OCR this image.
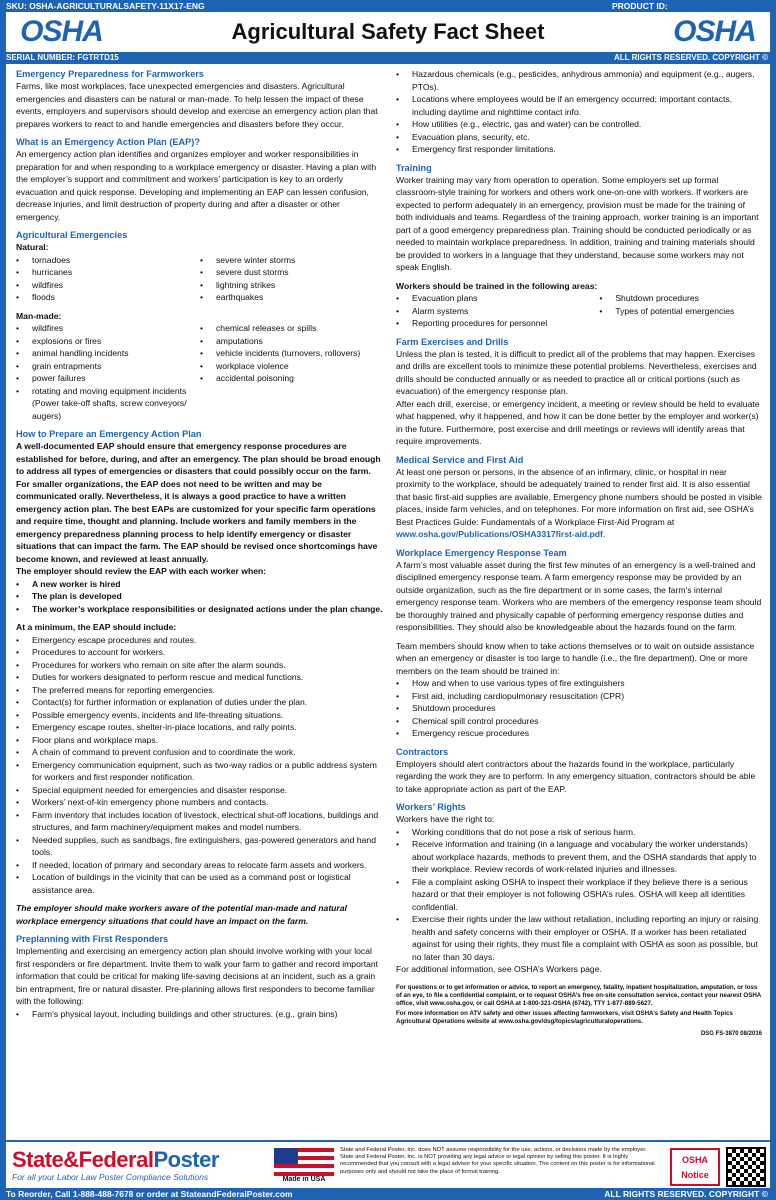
SKU: OSHA-AGRICULTURALSAFETY-11X17-ENG	PRODUCT ID:
OSHA	Agricultural Safety Fact Sheet	OSHA
SERIAL NUMBER: FGTRTD15	ALL RIGHTS RESERVED. COPYRIGHT ©
Emergency Preparedness for Farmworkers

Farms, like most workplaces, face unexpected emergencies and disasters. Agricultural emergencies and disasters can be natural or man-made. To help lessen the impact of these events, employers and supervisors should develop and exercise an emergency action plan that prepares workers to react to and handle emergencies and disasters before they occur.

What is an Emergency Action Plan (EAP)?

An emergency action plan identifies and organizes employer and worker responsibilities in preparation for and when responding to a workplace emergency or disaster. Having a plan with the employer’s support and commitment and workers’ participation is key to an orderly evacuation and quick response. Developing and implementing an EAP can lessen confusion, decrease injuries, and limit destruction of property during and after a disaster or other emergency.

Agricultural Emergencies

Natural:

• tornadoes
• hurricanes
• wildfires
• floods
• severe winter storms
• severe dust storms
• lightning strikes
• earthquakes

Man-made:

• wildfires
• explosions or fires
• animal handling incidents
• grain entrapments
• power failures
• rotating and moving equipment incidents (Power take-off shafts, screw conveyors/ augers)
• chemical releases or spills
• amputations
• vehicle incidents (turnovers, rollovers)
• workplace violence
• accidental poisoning
How to Prepare an Emergency Action Plan

A well-documented EAP should ensure that emergency response procedures are established for before, during, and after an emergency. The plan should be broad enough to address all types of emergencies or disasters that could possibly occur on the farm. For smaller organizations, the EAP does not need to be written and may be communicated orally. Nevertheless, it is always a good practice to have a written emergency action plan. The best EAPs are customized for your specific farm operations and require time, thought and planning. Include workers and family members in the emergency preparedness planning process to help identify emergency or disaster situations that can impact the farm. The EAP should be revised once shortcomings have become known, and reviewed at least annually.

The employer should review the EAP with each worker when:

• A new worker is hired
• The plan is developed
• The worker’s workplace responsibilities or designated actions under the plan change.

At a minimum, the EAP should include:

• Emergency escape procedures and routes.
• Procedures to account for workers.
• Procedures for workers who remain on site after the alarm sounds.
• Duties for workers designated to perform rescue and medical functions.
• The preferred means for reporting emergencies.
• Contact(s) for further information or explanation of duties under the plan.
• Possible emergency events, incidents and life-threating situations.
• Emergency escape routes, shelter-in-place locations, and rally points.
• Floor plans and workplace maps.
• A chain of command to prevent confusion and to coordinate the work.
• Emergency communication equipment, such as two-way radios or a public address system for workers and first responder notification.
• Special equipment needed for emergencies and disaster response.
• Workers’ next-of-kin emergency phone numbers and contacts.
• Farm inventory that includes location of livestock, electrical shut-off locations, buildings and structures, and farm machinery/equipment makes and model numbers.
• Needed supplies, such as sandbags, fire extinguishers, gas-powered generators and hand tools.
• If needed, location of primary and secondary areas to relocate farm assets and workers.
• Location of buildings in the vicinity that can be used as a command post or logistical assistance area.

The employer should make workers aware of the potential man-made and natural workplace emergency situations that could have an impact on the farm.

Preplanning with First Responders

Implementing and exercising an emergency action plan should involve working with your local first responders or fire department. Invite them to walk your farm to gather and record important information that could be critical for making life-saving decisions at an incident, such as a grain bin entrapment, fire or natural disaster. Pre-planning allows first responders to become familiar with the following:

• Farm’s physical layout, including buildings and other structures. (e.g., grain bins)
• Hazardous chemicals (e.g., pesticides, anhydrous ammonia) and equipment (e.g., augers, PTOs).
• Locations where employees would be if an emergency occurred; important contacts, including daytime and nighttime contact info.
• How utilities (e.g., electric, gas and water) can be controlled.
• Evacuation plans, security, etc.
• Emergency first responder limitations.
Training

Worker training may vary from operation to operation. Some employers set up formal classroom-style training for workers and others work one-on-one with workers. If workers are expected to perform adequately in an emergency, provision must be made for the training of both individuals and teams. Regardless of the training approach, worker training is an important part of a good emergency preparedness plan. Training should be conducted periodically or as needed to maintain workplace preparedness. In addition, training and training materials should be provided to workers in a language that they understand, because some workers may not speak English.

Workers should be trained in the following areas:

• Evacuation plans
• Alarm systems
• Reporting procedures for personnel
• Shutdown procedures
• Types of potential emergencies
Farm Exercises and Drills

Unless the plan is tested, it is difficult to predict all of the problems that may happen. Exercises and drills are excellent tools to minimize these potential problems. Nevertheless, exercises and drills should be conducted annually or as needed to practice all or critical portions (such as evacuation) of the emergency response plan.

After each drill, exercise, or emergency incident, a meeting or review should be held to evaluate what happened, why it happened, and how it can be done better by the employer and worker(s) in the future. Furthermore, post exercise and drill meetings or reviews will identify areas that require improvements.

Medical Service and First Aid

At least one person or persons, in the absence of an infirmary, clinic, or hospital in near proximity to the workplace, should be adequately trained to render first aid. It is also essential that basic first-aid supplies are available. Emergency phone numbers should be posted in visible places, inside farm vehicles, and on telephones. For more information on first aid, see OSHA’s Best Practices Guide: Fundamentals of a Workplace First-Aid Program at www.osha.gov/Publications/OSHA3317first-aid.pdf.

Workplace Emergency Response Team

A farm’s most valuable asset during the first few minutes of an emergency is a well-trained and disciplined emergency response team. A farm emergency response may be provided by an outside organization, such as the fire department or in some cases, the farm’s internal emergency response team. Workers who are members of the emergency response team should be thoroughly trained and physically capable of performing emergency response duties and responsibilities. They should also be knowledgeable about the hazards found on the farm.

Team members should know when to take actions themselves or to wait on outside assistance when an emergency or disaster is too large to handle (i.e., the fire department). One or more members on the team should be trained in:

• How and when to use various types of fire extinguishers
• First aid, including cardiopulmonary resuscitation (CPR)
• Shutdown procedures
• Chemical spill control procedures
• Emergency rescue procedures
Contractors

Employers should alert contractors about the hazards found in the workplace, particularly regarding the work they are to perform. In any emergency situation, contractors should be able to take appropriate action as part of the EAP.

Workers’ Rights

Workers have the right to:

• Working conditions that do not pose a risk of serious harm.
• Receive information and training (in a language and vocabulary the worker understands) about workplace hazards, methods to prevent them, and the OSHA standards that apply to their workplace. Review records of work-related injuries and illnesses.
• File a complaint asking OSHA to inspect their workplace if they believe there is a serious hazard or that their employer is not following OSHA’s rules. OSHA will keep all identities confidential.
• Exercise their rights under the law without retaliation, including reporting an injury or raising health and safety concerns with their employer or OSHA. If a worker has been retaliated against for using their rights, they must file a complaint with OSHA as soon as possible, but no later than 30 days.

For additional information, see OSHA’s Workers page.

For questions or to get information or advice, to report an emergency, fatality, inpatient hospitalization, amputation, or loss of an eye, to file a confidential complaint, or to request OSHA’s free on-site consultation service, contact your nearest OSHA office, visit www.osha.gov, or call OSHA at 1-800-321-OSHA (6742), TTY 1-877-889-5627.

For more information on ATV safety and other issues affecting farmworkers, visit OSHA’s Safety and Health Topics Agricultural Operations website at www.osha.gov/dsg/topics/agriculturaloperations.

DSG FS-3870 08/2016

State&FederalPoster
For all your Labor Law Poster Compliance Solutions	Made in USA
State and Federal Poster, Inc. does NOT assume responsibility for the use, actions, or decisions made by the employer. State and Federal Poster, Inc. is NOT providing any legal advice or legal opinion by selling this poster. It is highly recommended that you consult with a legal advisor for your specific situation. The content on this poster is for informational purposes only and should not take the place of formal training.
OSHA
Notice
To Reorder, Call 1-888-488-7678 or order at StateandFederalPoster.com	ALL RIGHTS RESERVED. COPYRIGHT ©
